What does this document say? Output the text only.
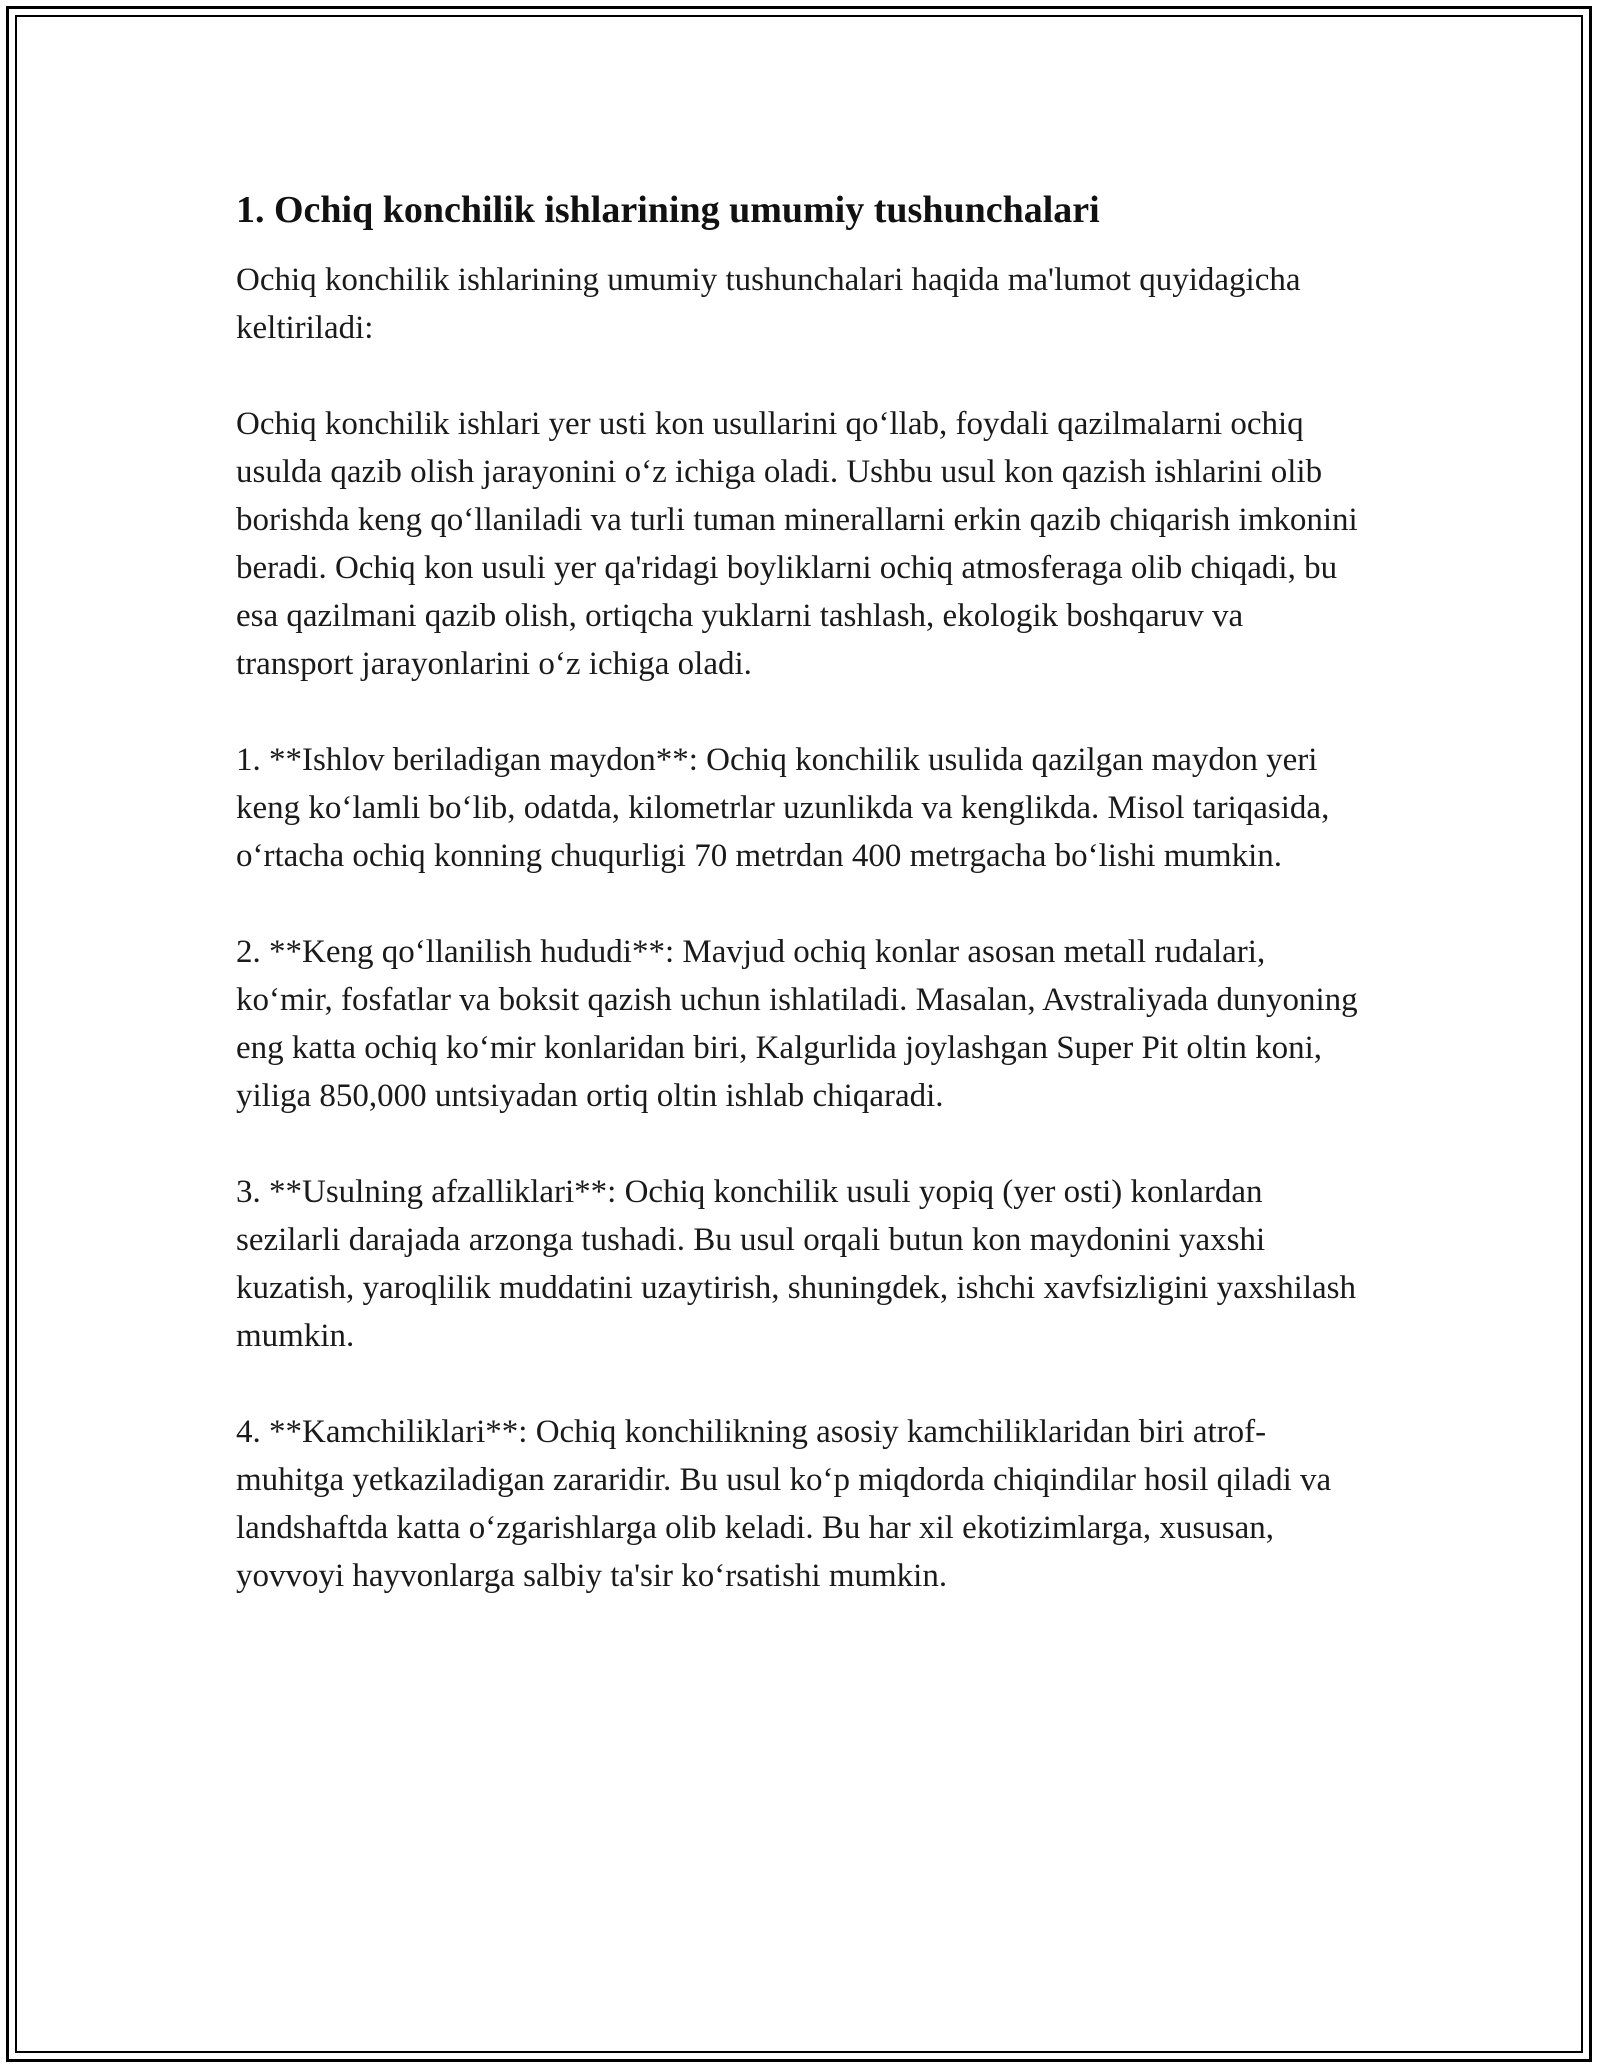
1. Ochiq konchilik ishlarining umumiy tushunchalari

Ochiq konchilik ishlarining umumiy tushunchalari haqida ma'lumot quyidagicha keltiriladi:

Ochiq konchilik ishlari yer usti kon usullarini qo‘llab, foydali qazilmalarni ochiq usulda qazib olish jarayonini o‘z ichiga oladi. Ushbu usul kon qazish ishlarini olib borishda keng qo‘llaniladi va turli tuman minerallarni erkin qazib chiqarish imkonini beradi. Ochiq kon usuli yer qa'ridagi boyliklarni ochiq atmosferaga olib chiqadi, bu esa qazilmani qazib olish, ortiqcha yuklarni tashlash, ekologik boshqaruv va transport jarayonlarini o‘z ichiga oladi.

1. **Ishlov beriladigan maydon**: Ochiq konchilik usulida qazilgan maydon yeri keng ko‘lamli bo‘lib, odatda, kilometrlar uzunlikda va kenglikda. Misol tariqasida, o‘rtacha ochiq konning chuqurligi 70 metrdan 400 metrgacha bo‘lishi mumkin.

2. **Keng qo‘llanilish hududi**: Mavjud ochiq konlar asosan metall rudalari, ko‘mir, fosfatlar va boksit qazish uchun ishlatiladi. Masalan, Avstraliyada dunyoning eng katta ochiq ko‘mir konlaridan biri, Kalgurlida joylashgan Super Pit oltin koni, yiliga 850,000 untsiyadan ortiq oltin ishlab chiqaradi.

3. **Usulning afzalliklari**: Ochiq konchilik usuli yopiq (yer osti) konlardan sezilarli darajada arzonga tushadi. Bu usul orqali butun kon maydonini yaxshi kuzatish, yaroqlilik muddatini uzaytirish, shuningdek, ishchi xavfsizligini yaxshilash mumkin.

4. **Kamchiliklari**: Ochiq konchilikning asosiy kamchiliklaridan biri atrof-muhitga yetkaziladigan zararidir. Bu usul ko‘p miqdorda chiqindilar hosil qiladi va landshaftda katta o‘zgarishlarga olib keladi. Bu har xil ekotizimlarga, xususan, yovvoyi hayvonlarga salbiy ta'sir ko‘rsatishi mumkin.
